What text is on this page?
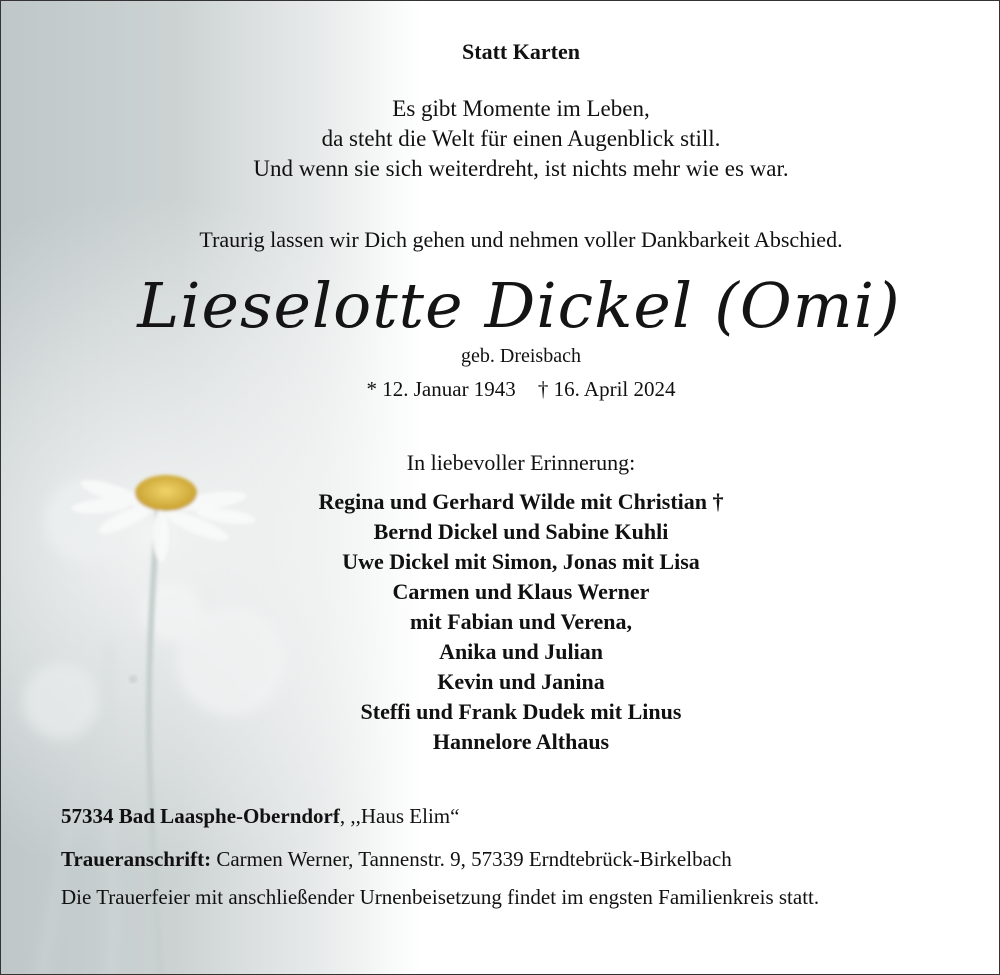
Statt Karten
Es gibt Momente im Leben,
da steht die Welt für einen Augenblick still.
Und wenn sie sich weiterdreht, ist nichts mehr wie es war.
Traurig lassen wir Dich gehen und nehmen voller Dankbarkeit Abschied.
Lieselotte Dickel (Omi)
geb. Dreisbach
* 12. Januar 1943 † 16. April 2024
In liebevoller Erinnerung:
Regina und Gerhard Wilde mit Christian †
Bernd Dickel und Sabine Kuhli
Uwe Dickel mit Simon, Jonas mit Lisa
Carmen und Klaus Werner
mit Fabian und Verena,
Anika und Julian
Kevin und Janina
Steffi und Frank Dudek mit Linus
Hannelore Althaus
57334 Bad Laasphe-Oberndorf, ,,Haus Elim“
Traueranschrift: Carmen Werner, Tannenstr. 9, 57339 Erndtebrück-Birkelbach
Die Trauerfeier mit anschließender Urnenbeisetzung findet im engsten Familienkreis statt.
